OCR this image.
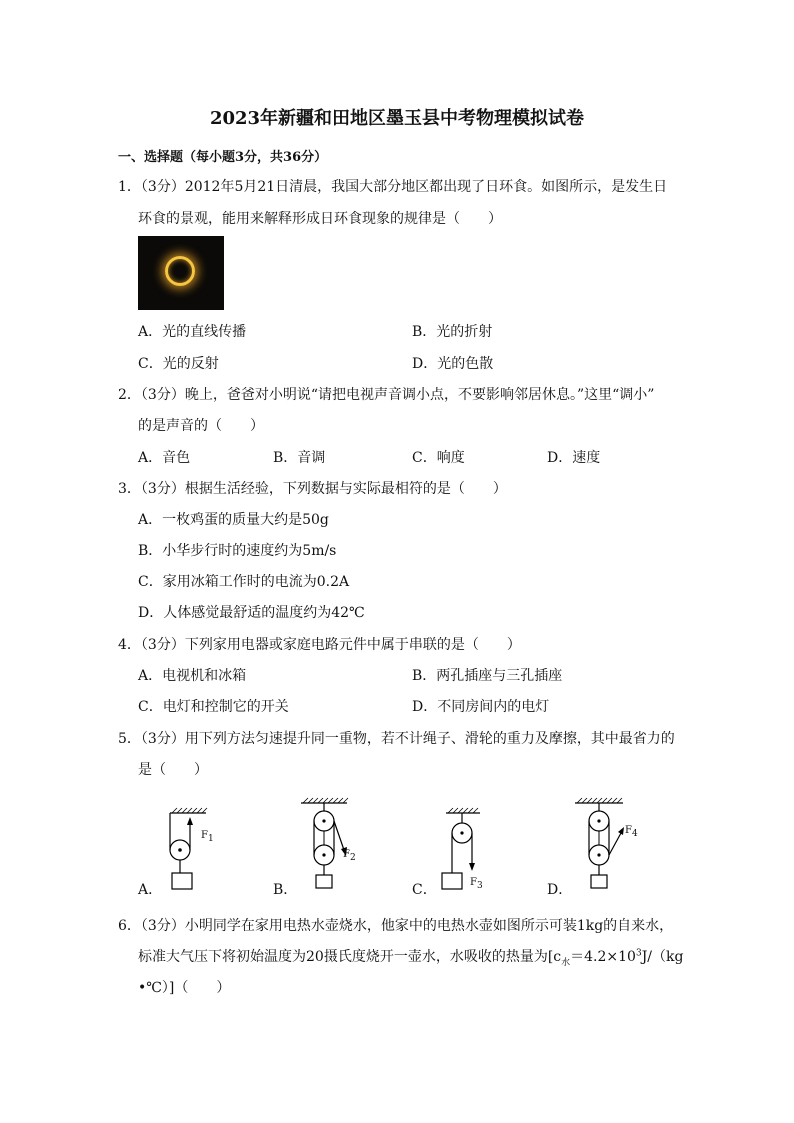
2023年新疆和田地区墨玉县中考物理模拟试卷
一、选择题（每小题3分，共36分）
1．（3分）2012年5月21日清晨，我国大部分地区都出现了日环食。如图所示，是发生日
环食的景观，能用来解释形成日环食现象的规律是（　　）
A．光的直线传播	B．光的折射
C．光的反射	D．光的色散
2．（3分）晚上，爸爸对小明说“请把电视声音调小点，不要影响邻居休息。”这里“调小”
的是声音的（　　）
A．音色	B．音调	C．响度	D．速度
3．（3分）根据生活经验，下列数据与实际最相符的是（　　）
A．一枚鸡蛋的质量大约是50g
B．小华步行时的速度约为5m/s
C．家用冰箱工作时的电流为0.2A
D．人体感觉最舒适的温度约为42℃
4．（3分）下列家用电器或家庭电路元件中属于串联的是（　　）
A．电视机和冰箱	B．两孔插座与三孔插座
C．电灯和控制它的开关	D．不同房间内的电灯
5．（3分）用下列方法匀速提升同一重物，若不计绳子、滑轮的重力及摩擦，其中最省力的
是（　　）
A．
$F_1$
B．
$F_2$
C．	$F_3$	D．
$F_4$
6．（3分）小明同学在家用电热水壶烧水，他家中的电热水壶如图所示可装1kg的自来水，
标准大气压下将初始温度为20摄氏度烧开一壶水，水吸收的热量为[$c_水=4.2\times 10^3J/(kg$
•℃）]（　　）
